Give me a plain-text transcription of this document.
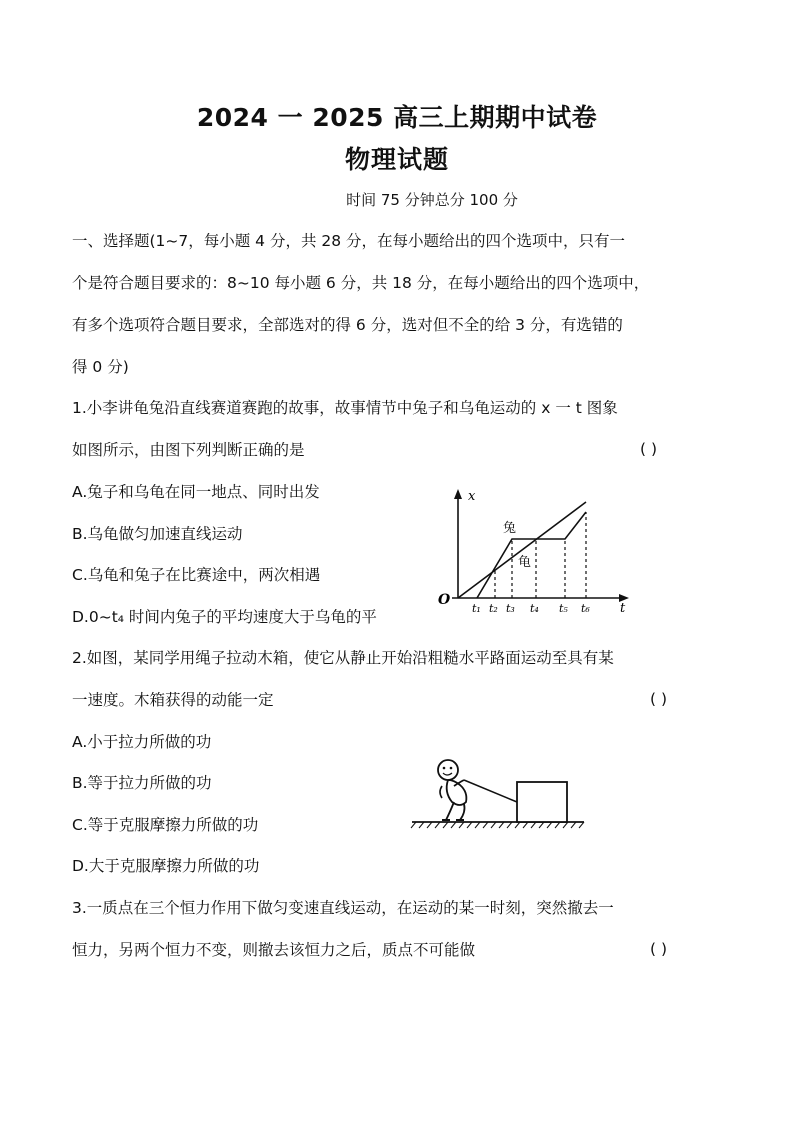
2024 一 2025 高三上期期中试卷
物理试题
时间 75 分钟总分 100 分
一、选择题(1~7，每小题 4 分，共 28 分，在每小题给出的四个选项中，只有一
个是符合题目要求的：8~10 每小题 6 分，共 18 分，在每小题给出的四个选项中，
有多个选项符合题目要求，全部选对的得 6 分，选对但不全的给 3 分，有选错的
得 0 分)
1.小李讲龟兔沿直线赛道赛跑的故事，故事情节中兔子和乌龟运动的 x 一 t 图象
如图所示，由图下列判断正确的是	( )
A.兔子和乌龟在同一地点、同时出发
B.乌龟做匀加速直线运动
C.乌龟和兔子在比赛途中，两次相遇
D.0~t₄ 时间内兔子的平均速度大于乌龟的平
x
t
O
兔
龟
t₁ t₂ t₃ t₄ t₅ t₆
2.如图，某同学用绳子拉动木箱，使它从静止开始沿粗糙水平路面运动至具有某
一速度。木箱获得的动能一定	( )
A.小于拉力所做的功
B.等于拉力所做的功
C.等于克服摩擦力所做的功
D.大于克服摩擦力所做的功
3.一质点在三个恒力作用下做匀变速直线运动，在运动的某一时刻，突然撤去一
恒力，另两个恒力不变，则撤去该恒力之后，质点不可能做	( )
